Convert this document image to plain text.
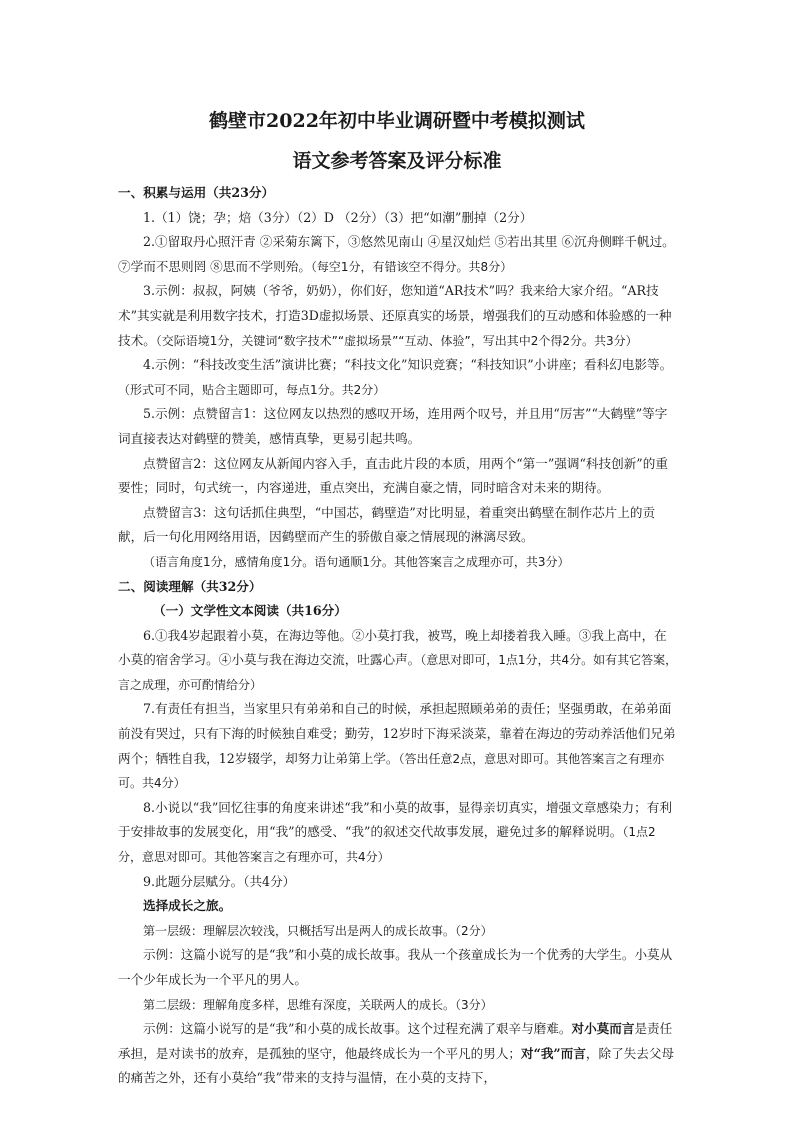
鹤壁市2022年初中毕业调研暨中考模拟测试
语文参考答案及评分标准

一、积累与运用（共23分）

1.（1）饶；孕；焙（3分）（2）D （2分）（3）把“如潮”删掉（2分）

2.①留取丹心照汗青 ②采菊东篱下，③悠然见南山 ④星汉灿烂 ⑤若出其里 ⑥沉舟侧畔千帆过。 ⑦学而不思则罔 ⑧思而不学则殆。（每空1分，有错该空不得分。共8分）

3.示例：叔叔，阿姨（爷爷，奶奶），你们好，您知道“AR技术”吗？我来给大家介绍。“AR技术”其实就是利用数字技术，打造3D虚拟场景、还原真实的场景，增强我们的互动感和体验感的一种技术。（交际语境1分，关键词“数字技术”“虚拟场景”“互动、体验”，写出其中2个得2分。共3分）

4.示例：“科技改变生活”演讲比赛；“科技文化”知识竞赛；“科技知识”小讲座；看科幻电影等。（形式可不同，贴合主题即可，每点1分。共2分）

5.示例：点赞留言1：这位网友以热烈的感叹开场，连用两个叹号，并且用“厉害”“大鹤壁”等字词直接表达对鹤壁的赞美，感情真挚，更易引起共鸣。

点赞留言2：这位网友从新闻内容入手，直击此片段的本质，用两个“第一”强调“科技创新”的重要性；同时，句式统一，内容递进，重点突出，充满自豪之情，同时暗含对未来的期待。

点赞留言3：这句话抓住典型，“中国芯，鹤壁造”对比明显，着重突出鹤壁在制作芯片上的贡献，后一句化用网络用语，因鹤壁而产生的骄傲自豪之情展现的淋漓尽致。

（语言角度1分，感情角度1分。语句通顺1分。其他答案言之成理亦可，共3分）

二、阅读理解（共32分）

（一）文学性文本阅读（共16分）

6.①我4岁起跟着小莫，在海边等他。②小莫打我，被骂，晚上却搂着我入睡。③我上高中，在小莫的宿舍学习。④小莫与我在海边交流，吐露心声。（意思对即可，1点1分，共4分。如有其它答案，言之成理，亦可酌情给分）

7.有责任有担当，当家里只有弟弟和自己的时候，承担起照顾弟弟的责任；坚强勇敢，在弟弟面前没有哭过，只有下海的时候独自难受；勤劳，12岁时下海采淡菜，靠着在海边的劳动养活他们兄弟两个；牺牲自我，12岁辍学，却努力让弟第上学。（答出任意2点，意思对即可。其他答案言之有理亦可。共4分）

8.小说以“我”回忆往事的角度来讲述“我”和小莫的故事，显得亲切真实，增强文章感染力；有利于安排故事的发展变化，用“我”的感受、“我”的叙述交代故事发展，避免过多的解释说明。（1点2分，意思对即可。其他答案言之有理亦可，共4分）

9.此题分层赋分。（共4分）

选择成长之旅。

第一层级：理解层次较浅，只概括写出是两人的成长故事。（2分）

示例：这篇小说写的是“我”和小莫的成长故事。我从一个孩童成长为一个优秀的大学生。小莫从一个少年成长为一个平凡的男人。

第二层级：理解角度多样，思维有深度，关联两人的成长。（3分）

示例：这篇小说写的是“我”和小莫的成长故事。这个过程充满了艰辛与磨难。对小莫而言是责任承担，是对读书的放弃，是孤独的坚守，他最终成长为一个平凡的男人；对“我”而言，除了失去父母的痛苦之外，还有小莫给“我”带来的支持与温情，在小莫的支持下，
